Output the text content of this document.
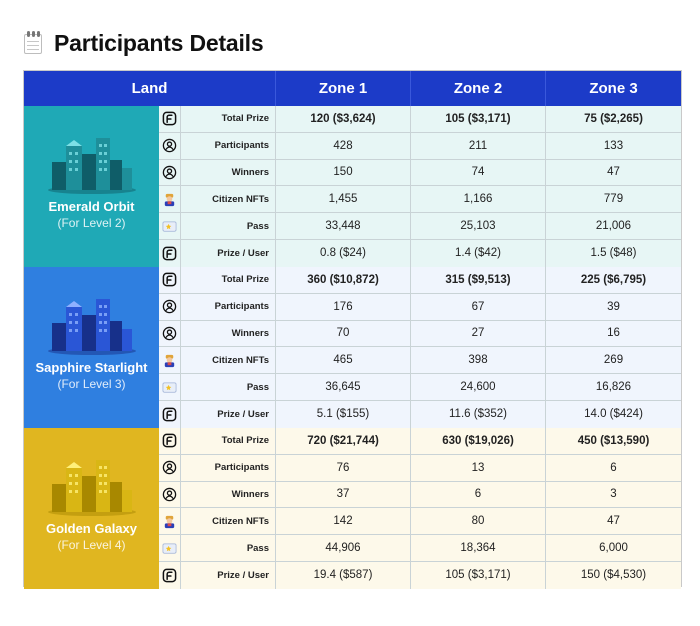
Participants Details
Land	Zone 1	Zone 2	Zone 3
Emerald Orbit
(For Level 2)
Total Prize	120 ($3,624)	105 ($3,171)	75 ($2,265)
Participants	428	211	133
Winners	150	74	47
Citizen NFTs	1,455	1,166	779
Pass	33,448	25,103	21,006
Prize / User	0.8 ($24)	1.4 ($42)	1.5 ($48)
Sapphire Starlight
(For Level 3)
Total Prize	360 ($10,872)	315 ($9,513)	225 ($6,795)
Participants	176	67	39
Winners	70	27	16
Citizen NFTs	465	398	269
Pass	36,645	24,600	16,826
Prize / User	5.1 ($155)	11.6 ($352)	14.0 ($424)
Golden Galaxy
(For Level 4)
Total Prize	720 ($21,744)	630 ($19,026)	450 ($13,590)
Participants	76	13	6
Winners	37	6	3
Citizen NFTs	142	80	47
Pass	44,906	18,364	6,000
Prize / User	19.4 ($587)	105 ($3,171)	150 ($4,530)
